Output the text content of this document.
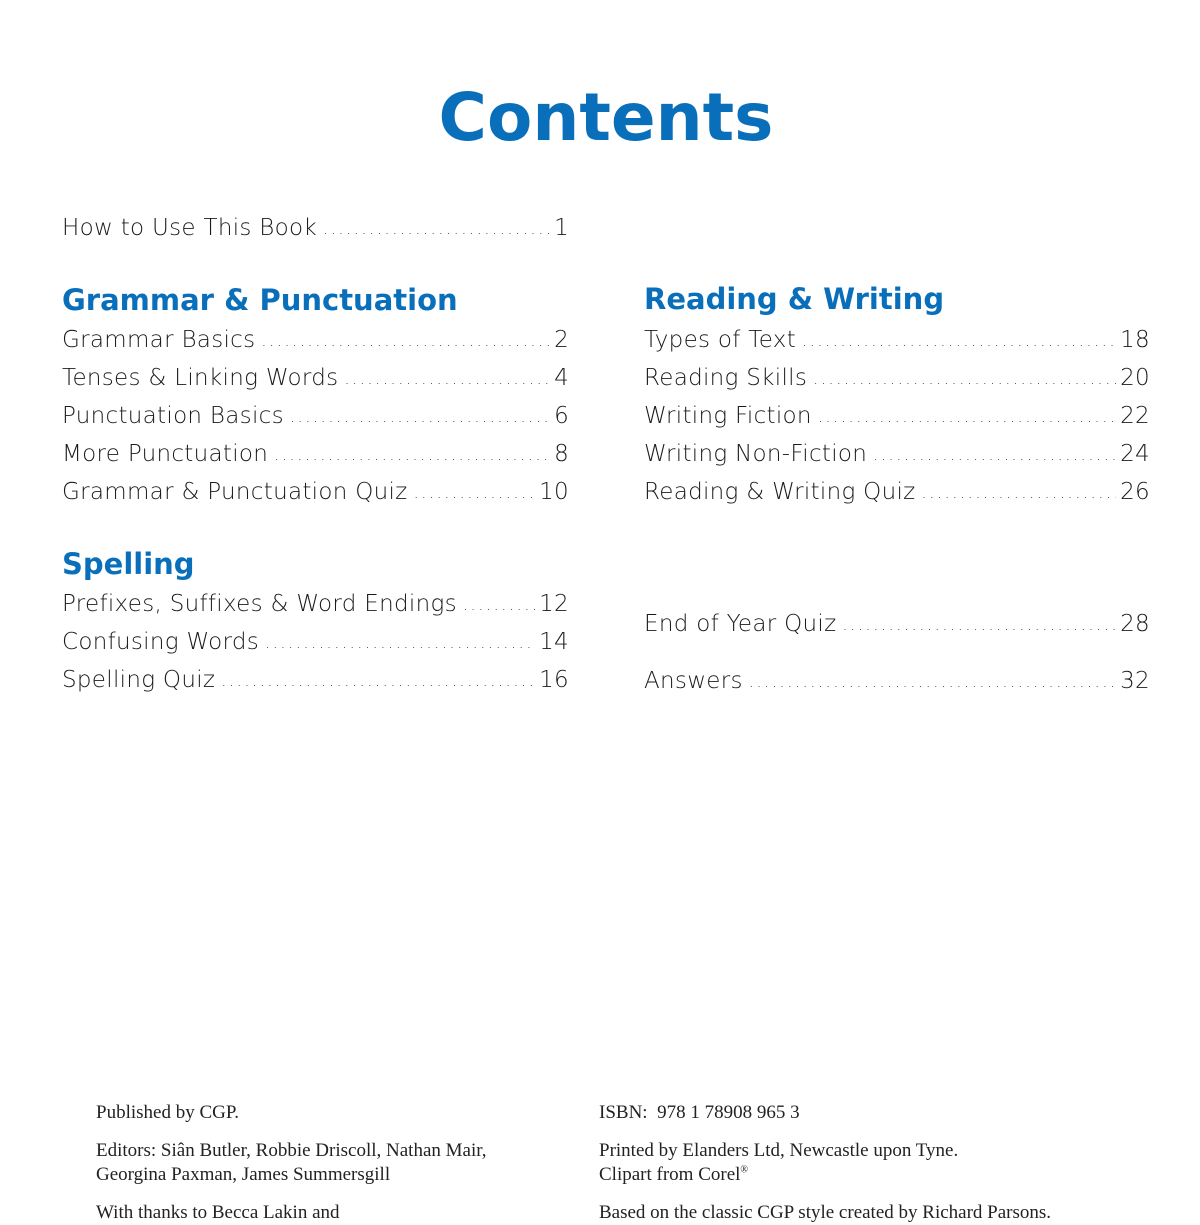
Contents
How to Use This Book .....	1
Grammar & Punctuation
Grammar Basics .....	2
Tenses & Linking Words .....	4
Punctuation Basics .....	6
More Punctuation .....	8
Grammar & Punctuation Quiz .....	10
Spelling
Prefixes, Suffixes & Word Endings .....	12
Confusing Words .....	14
Spelling Quiz .....	16
Reading & Writing
Types of Text .....	18
Reading Skills .....	20
Writing Fiction .....	22
Writing Non-Fiction .....	24
Reading & Writing Quiz .....	26
End of Year Quiz .....	28
Answers .....	32
Published by CGP.
Editors: Siân Butler, Robbie Driscoll, Nathan Mair,
Georgina Paxman, James Summersgill
With thanks to Becca Lakin and
ISBN:  978 1 78908 965 3
Printed by Elanders Ltd, Newcastle upon Tyne.
Clipart from Corel®
Based on the classic CGP style created by Richard Parsons.
